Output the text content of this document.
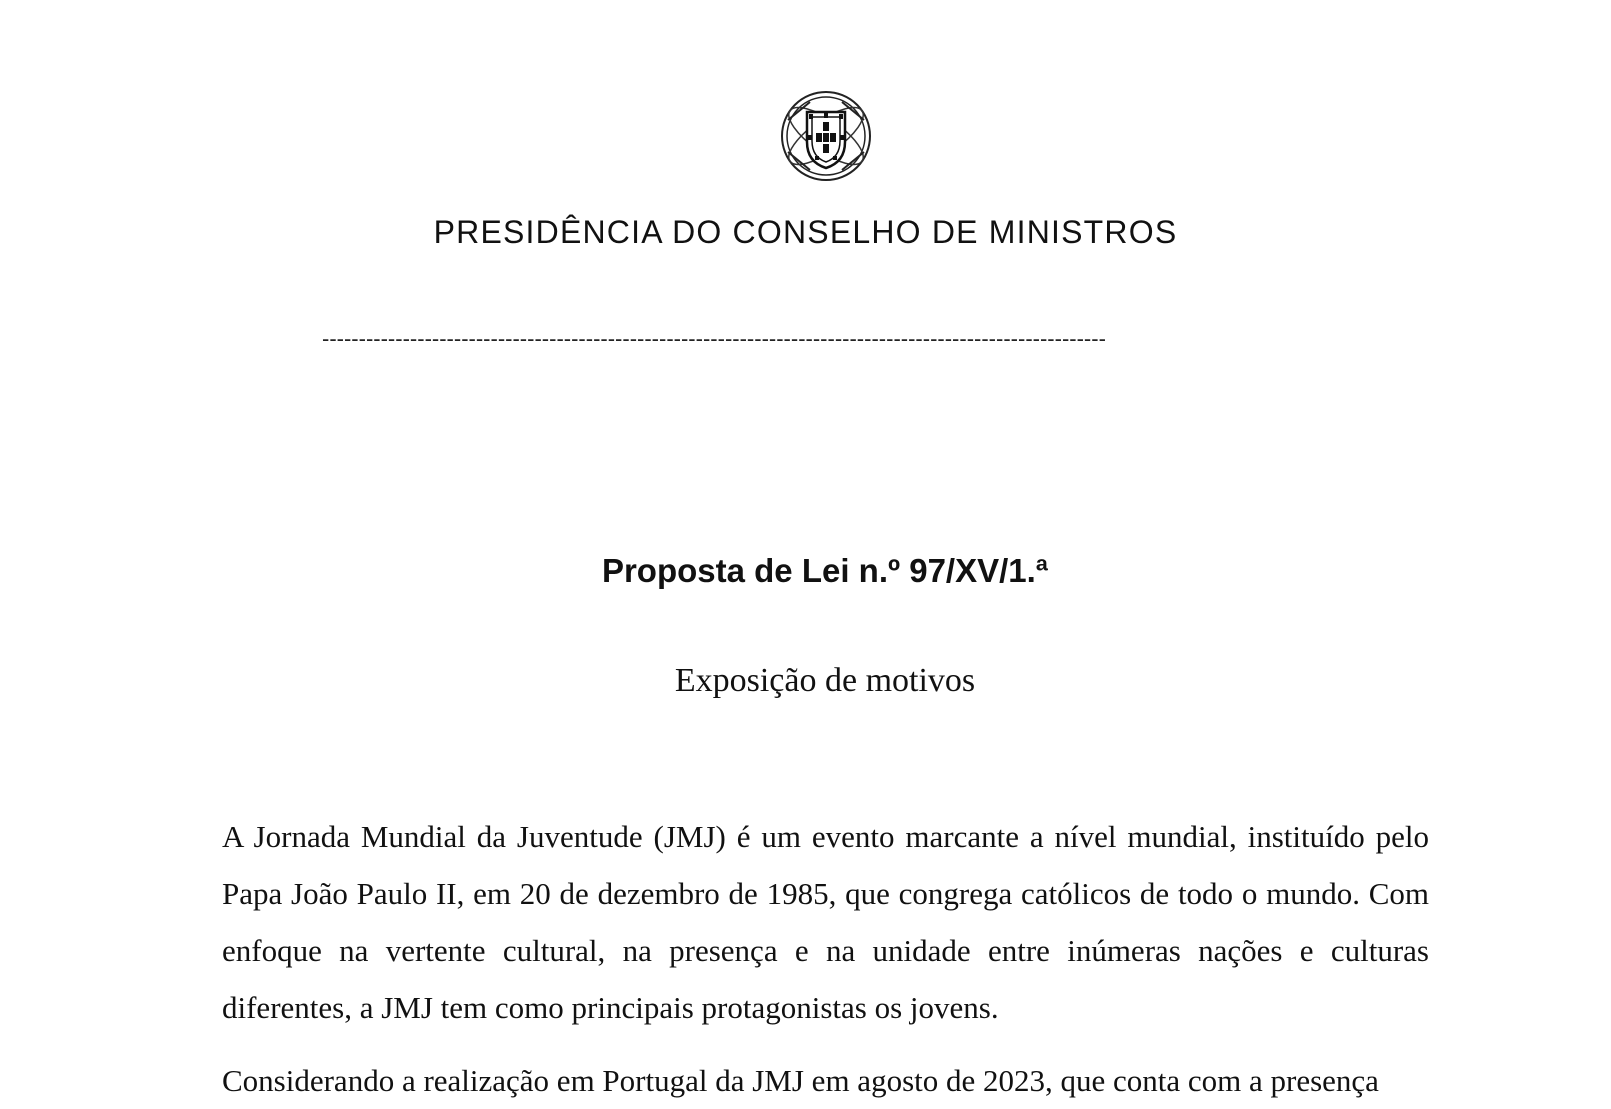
PRESIDÊNCIA DO CONSELHO DE MINISTROS
-----------------------------------------------------------------------------------------------------------
Proposta de Lei n.º 97/XV/1.ª
Exposição de motivos

A Jornada Mundial da Juventude (JMJ) é um evento marcante a nível mundial, instituído pelo Papa João Paulo II, em 20 de dezembro de 1985, que congrega católicos de todo o mundo. Com enfoque na vertente cultural, na presença e na unidade entre inúmeras nações e culturas diferentes, a JMJ tem como principais protagonistas os jovens.

Considerando a realização em Portugal da JMJ em agosto de 2023, que conta com a presença
